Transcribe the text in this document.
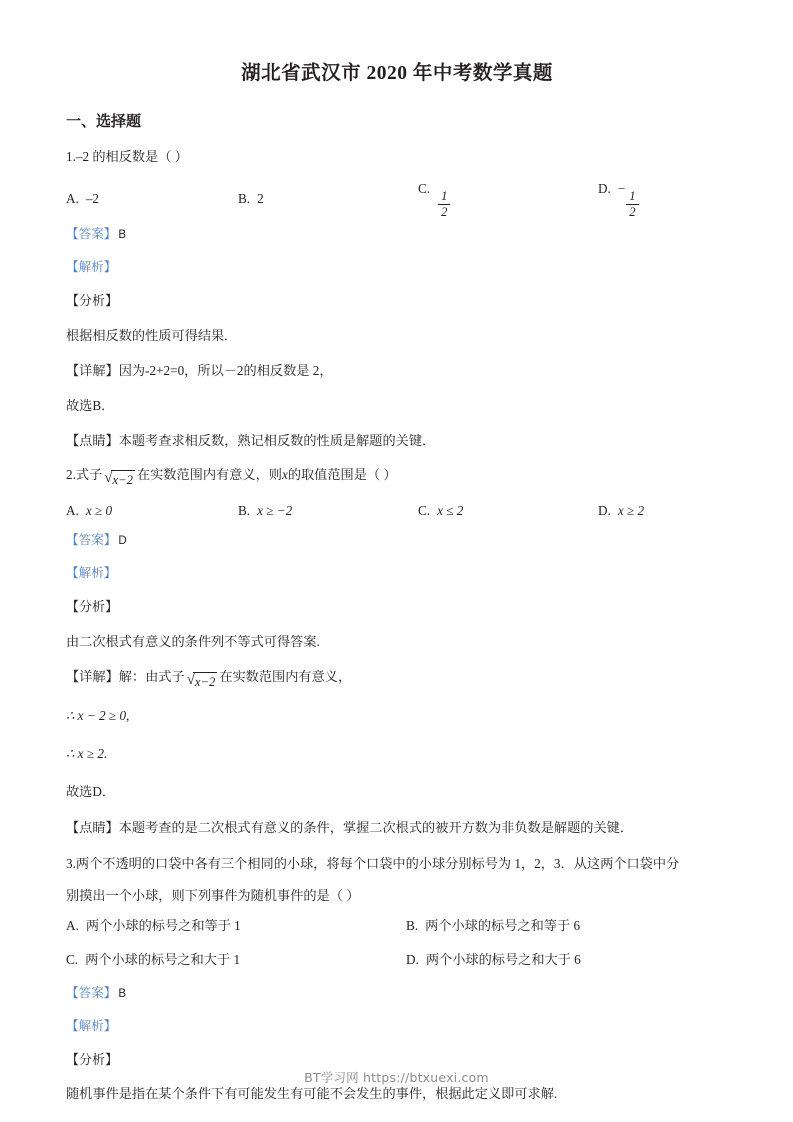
湖北省武汉市 2020 年中考数学真题
一、选择题
1.–2 的相反数是（ ）
A. –2	B. 2
C.
$\frac{1}{2}$
D. −
$\frac{1}{2}$
【答案】 B
【解析】
【分析】
根据相反数的性质可得结果.
【详解】因为-2+2=0，所以－2的相反数是 2，
故选B．
【点睛】本题考查求相反数，熟记相反数的性质是解题的关键．
2.式子 √ x−2 在实数范围内有意义，则x的取值范围是（ ）
A. x ≥ 0	B. x ≥ −2	C. x ≤ 2	D. x ≥ 2
【答案】 D
【解析】
【分析】
由二次根式有意义的条件列不等式可得答案.
【详解】解：由式子 √ x−2 在实数范围内有意义，
∴ x − 2 ≥ 0,
∴ x ≥ 2.
故选D．
【点睛】本题考查的是二次根式有意义的条件，掌握二次根式的被开方数为非负数是解题的关键．
3.两个不透明的口袋中各有三个相同的小球，将每个口袋中的小球分别标号为 1，2，3．从这两个口袋中分
别摸出一个小球，则下列事件为随机事件的是（ ）
A. 两个小球的标号之和等于 1	B. 两个小球的标号之和等于 6
C. 两个小球的标号之和大于 1	D. 两个小球的标号之和大于 6
【答案】 B
【解析】
【分析】
随机事件是指在某个条件下有可能发生有可能不会发生的事件，根据此定义即可求解.
BT学习网 https://btxuexi.com
